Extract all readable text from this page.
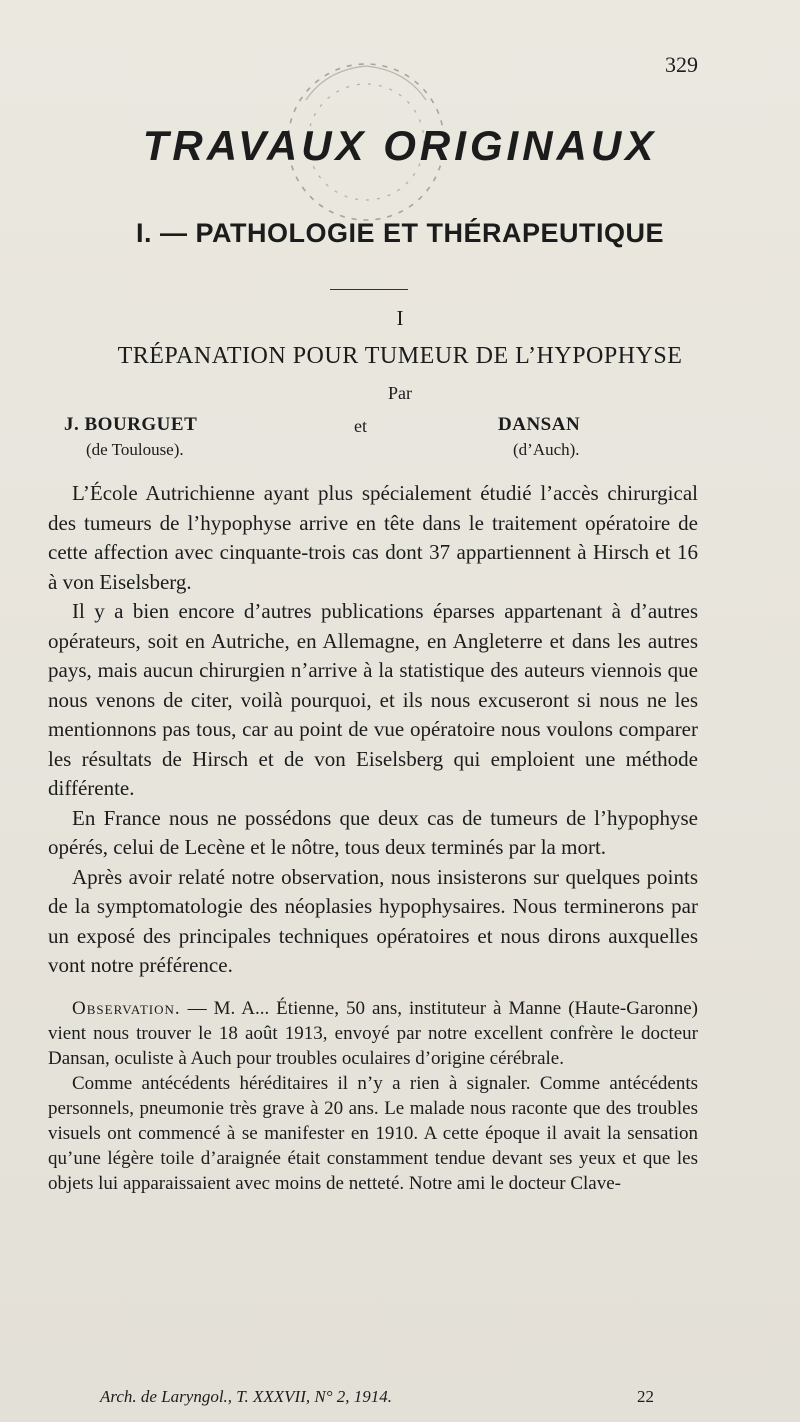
329
TRAVAUX ORIGINAUX
I. — PATHOLOGIE ET THÉRAPEUTIQUE
I
TRÉPANATION POUR TUMEUR DE L’HYPOPHYSE
Par
J. BOURGUET	et	DANSAN
(de Toulouse).	(d’Auch).

L’École Autrichienne ayant plus spécialement étudié l’accès chirurgical des tumeurs de l’hypophyse arrive en tête dans le traitement opératoire de cette affection avec cinquante-trois cas dont 37 appartiennent à Hirsch et 16 à von Eiselsberg.

Il y a bien encore d’autres publications éparses appartenant à d’autres opérateurs, soit en Autriche, en Allemagne, en Angleterre et dans les autres pays, mais aucun chirurgien n’arrive à la statistique des auteurs viennois que nous venons de citer, voilà pourquoi, et ils nous excuseront si nous ne les mentionnons pas tous, car au point de vue opératoire nous voulons comparer les résultats de Hirsch et de von Eiselsberg qui emploient une méthode différente.

En France nous ne possédons que deux cas de tumeurs de l’hypophyse opérés, celui de Lecène et le nôtre, tous deux terminés par la mort.

Après avoir relaté notre observation, nous insisterons sur quelques points de la symptomatologie des néoplasies hypophysaires. Nous terminerons par un exposé des principales techniques opératoires et nous dirons auxquelles vont notre préférence.

Observation. — M. A... Étienne, 50 ans, instituteur à Manne (Haute-Garonne) vient nous trouver le 18 août 1913, envoyé par notre excellent confrère le docteur Dansan, oculiste à Auch pour troubles oculaires d’origine cérébrale.

Comme antécédents héréditaires il n’y a rien à signaler. Comme antécédents personnels, pneumonie très grave à 20 ans. Le malade nous raconte que des troubles visuels ont commencé à se manifester en 1910. A cette époque il avait la sensation qu’une légère toile d’araignée était constamment tendue devant ses yeux et que les objets lui apparaissaient avec moins de netteté. Notre ami le docteur Clave-

Arch. de Laryngol., T. XXXVII, N° 2, 1914.	22
